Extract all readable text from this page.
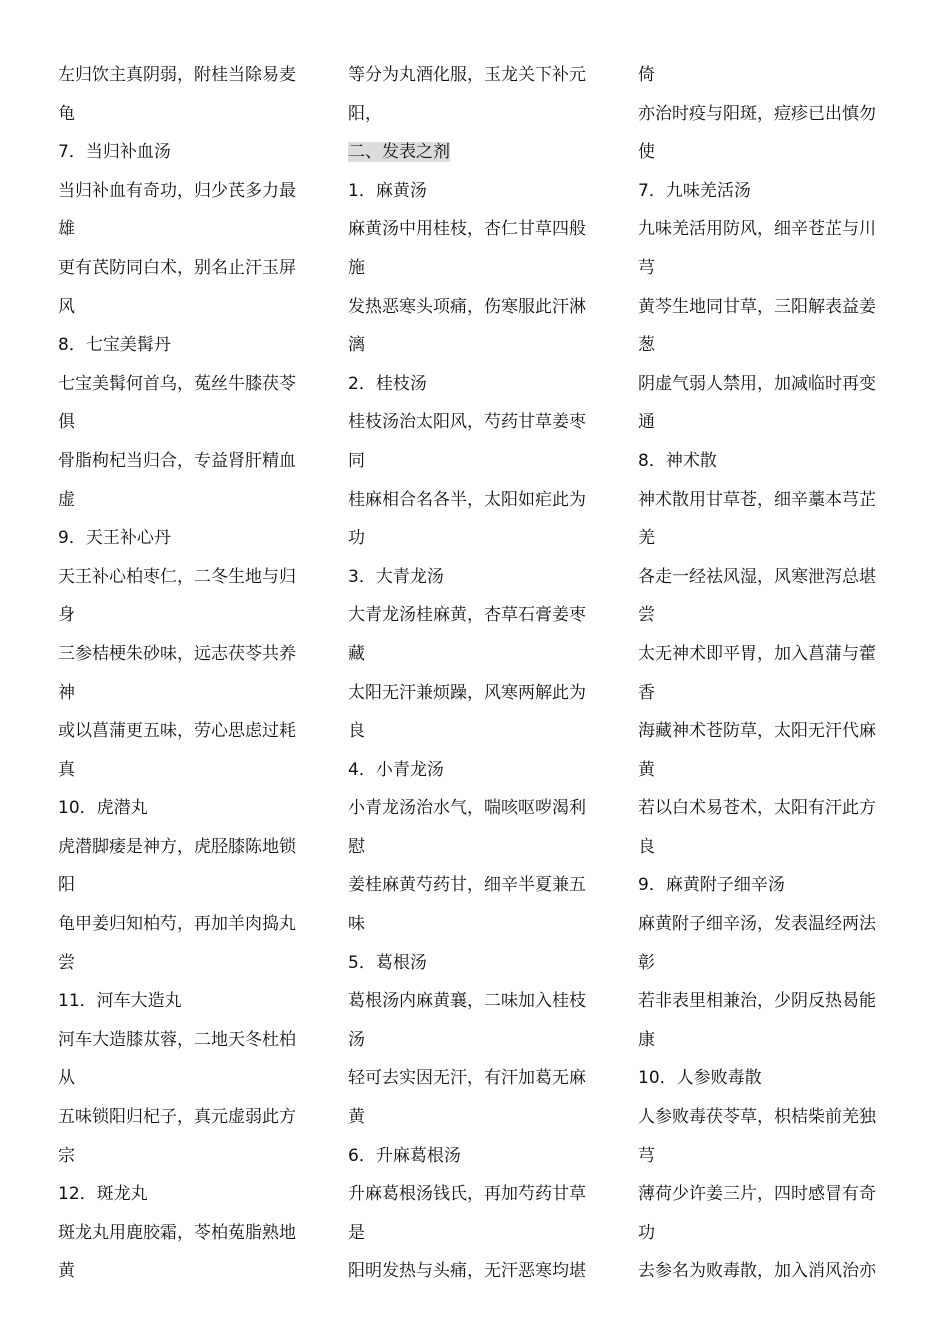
左归饮主真阴弱，附桂当除易麦
龟
7．当归补血汤
当归补血有奇功，归少芪多力最
雄
更有芪防同白术，别名止汗玉屏
风
8．七宝美髯丹
七宝美髯何首乌，菟丝牛膝茯苓
俱
骨脂枸杞当归合，专益肾肝精血
虚
9．天王补心丹
天王补心柏枣仁，二冬生地与归
身
三参桔梗朱砂味，远志茯苓共养
神
或以菖蒲更五味，劳心思虑过耗
真
10．虎潜丸
虎潜脚痿是神方，虎胫膝陈地锁
阳
龟甲姜归知柏芍，再加羊肉捣丸
尝
11．河车大造丸
河车大造膝苁蓉，二地天冬杜柏
从
五味锁阳归杞子，真元虚弱此方
宗
12．斑龙丸
斑龙丸用鹿胶霜，苓柏菟脂熟地
黄
等分为丸酒化服，玉龙关下补元
阳，
二、发表之剂
1．麻黄汤
麻黄汤中用桂枝，杏仁甘草四般
施
发热恶寒头项痛，伤寒服此汗淋
漓
2．桂枝汤
桂枝汤治太阳风，芍药甘草姜枣
同
桂麻相合名各半，太阳如疟此为
功
3．大青龙汤
大青龙汤桂麻黄，杏草石膏姜枣
藏
太阳无汗兼烦躁，风寒两解此为
良
4．小青龙汤
小青龙汤治水气，喘咳呕哕渴利
慰
姜桂麻黄芍药甘，细辛半夏兼五
味
5．葛根汤
葛根汤内麻黄襄，二味加入桂枝
汤
轻可去实因无汗，有汗加葛无麻
黄
6．升麻葛根汤
升麻葛根汤钱氏，再加芍药甘草
是
阳明发热与头痛，无汗恶寒均堪
倚
亦治时疫与阳斑，痘疹已出慎勿
使
7．九味羌活汤
九味羌活用防风，细辛苍芷与川
芎
黄芩生地同甘草，三阳解表益姜
葱
阴虚气弱人禁用，加减临时再变
通
8．神术散
神术散用甘草苍，细辛藁本芎芷
羌
各走一经祛风湿，风寒泄泻总堪
尝
太无神术即平胃，加入菖蒲与藿
香
海藏神术苍防草，太阳无汗代麻
黄
若以白术易苍术，太阳有汗此方
良
9．麻黄附子细辛汤
麻黄附子细辛汤，发表温经两法
彰
若非表里相兼治，少阴反热曷能
康
10．人参败毒散
人参败毒茯苓草，枳桔柴前羌独
芎
薄荷少许姜三片，四时感冒有奇
功
去参名为败毒散，加入消风治亦
